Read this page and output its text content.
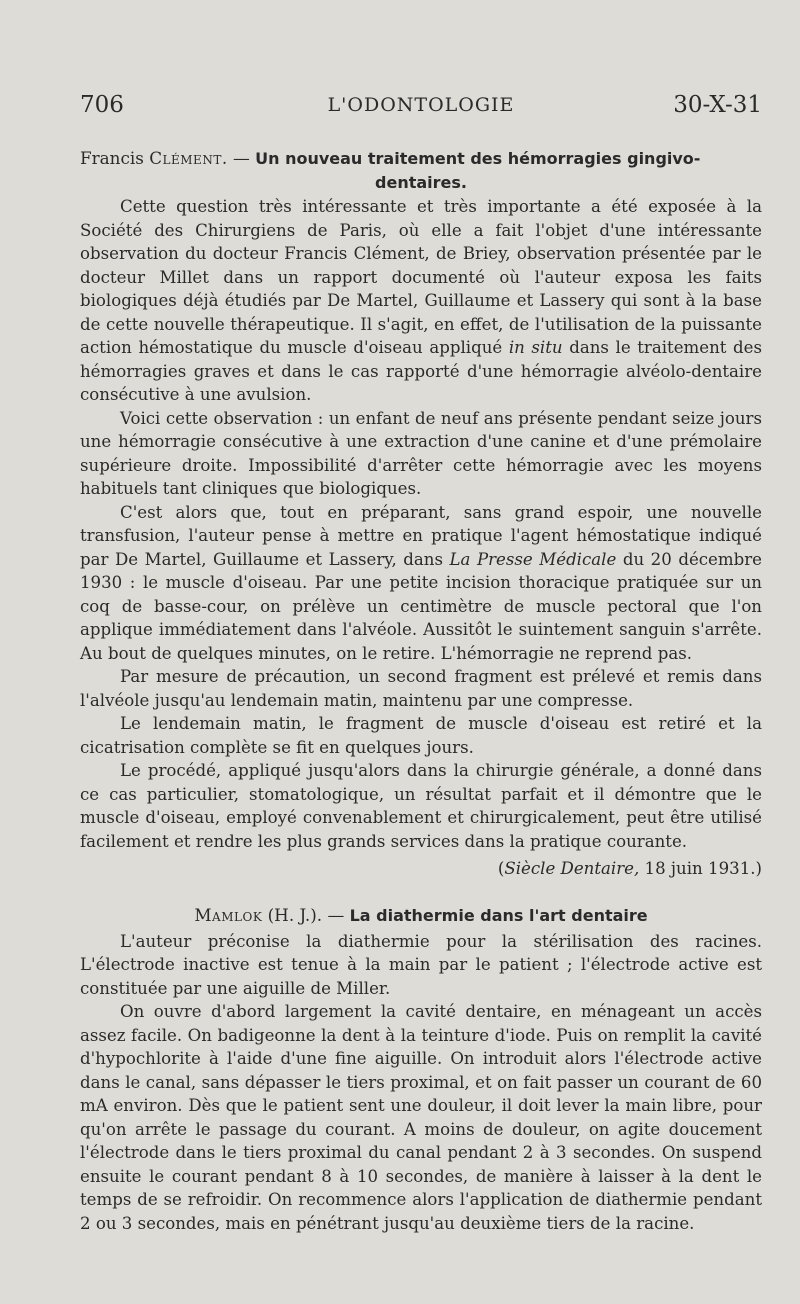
706	L'ODONTOLOGIE	30-X-31
Francis Clément. — Un nouveau traitement des hémorragies gingivo-
dentaires.

Cette question très intéressante et très importante a été exposée à la Société des Chirurgiens de Paris, où elle a fait l'objet d'une intéressante observation du docteur Francis Clément, de Briey, observation présentée par le docteur Millet dans un rapport documenté où l'auteur exposa les faits biologiques déjà étudiés par De Martel, Guillaume et Lassery qui sont à la base de cette nouvelle thérapeutique. Il s'agit, en effet, de l'utilisation de la puissante action hémostatique du muscle d'oiseau appliqué in situ dans le traitement des hémorragies graves et dans le cas rapporté d'une hémorragie alvéolo-dentaire consécutive à une avulsion.

Voici cette observation : un enfant de neuf ans présente pendant seize jours une hémorragie consécutive à une extraction d'une canine et d'une prémolaire supérieure droite. Impossibilité d'arrêter cette hémorragie avec les moyens habituels tant cliniques que biologiques.

C'est alors que, tout en préparant, sans grand espoir, une nouvelle transfusion, l'auteur pense à mettre en pratique l'agent hémostatique indiqué par De Martel, Guillaume et Lassery, dans La Presse Médicale du 20 décembre 1930 : le muscle d'oiseau. Par une petite incision thoracique pratiquée sur un coq de basse-cour, on prélève un centimètre de muscle pectoral que l'on applique immédiatement dans l'alvéole. Aussitôt le suintement sanguin s'arrête. Au bout de quelques minutes, on le retire. L'hémorragie ne reprend pas.

Par mesure de précaution, un second fragment est prélevé et remis dans l'alvéole jusqu'au lendemain matin, maintenu par une compresse.

Le lendemain matin, le fragment de muscle d'oiseau est retiré et la cicatrisation complète se fit en quelques jours.

Le procédé, appliqué jusqu'alors dans la chirurgie générale, a donné dans ce cas particulier, stomatologique, un résultat parfait et il démontre que le muscle d'oiseau, employé convenablement et chirurgicalement, peut être utilisé facilement et rendre les plus grands services dans la pratique courante.

(Siècle Dentaire, 18 juin 1931.)

Mamlok (H. J.). — La diathermie dans l'art dentaire

L'auteur préconise la diathermie pour la stérilisation des racines. L'électrode inactive est tenue à la main par le patient ; l'électrode active est constituée par une aiguille de Miller.

On ouvre d'abord largement la cavité dentaire, en ménageant un accès assez facile. On badigeonne la dent à la teinture d'iode. Puis on remplit la cavité d'hypochlorite à l'aide d'une fine aiguille. On introduit alors l'électrode active dans le canal, sans dépasser le tiers proximal, et on fait passer un courant de 60 mA environ. Dès que le patient sent une douleur, il doit lever la main libre, pour qu'on arrête le passage du courant. A moins de douleur, on agite doucement l'électrode dans le tiers proximal du canal pendant 2 à 3 secondes. On suspend ensuite le courant pendant 8 à 10 secondes, de manière à laisser à la dent le temps de se refroidir. On recommence alors l'application de diathermie pendant 2 ou 3 secondes, mais en pénétrant jusqu'au deuxième tiers de la racine.
